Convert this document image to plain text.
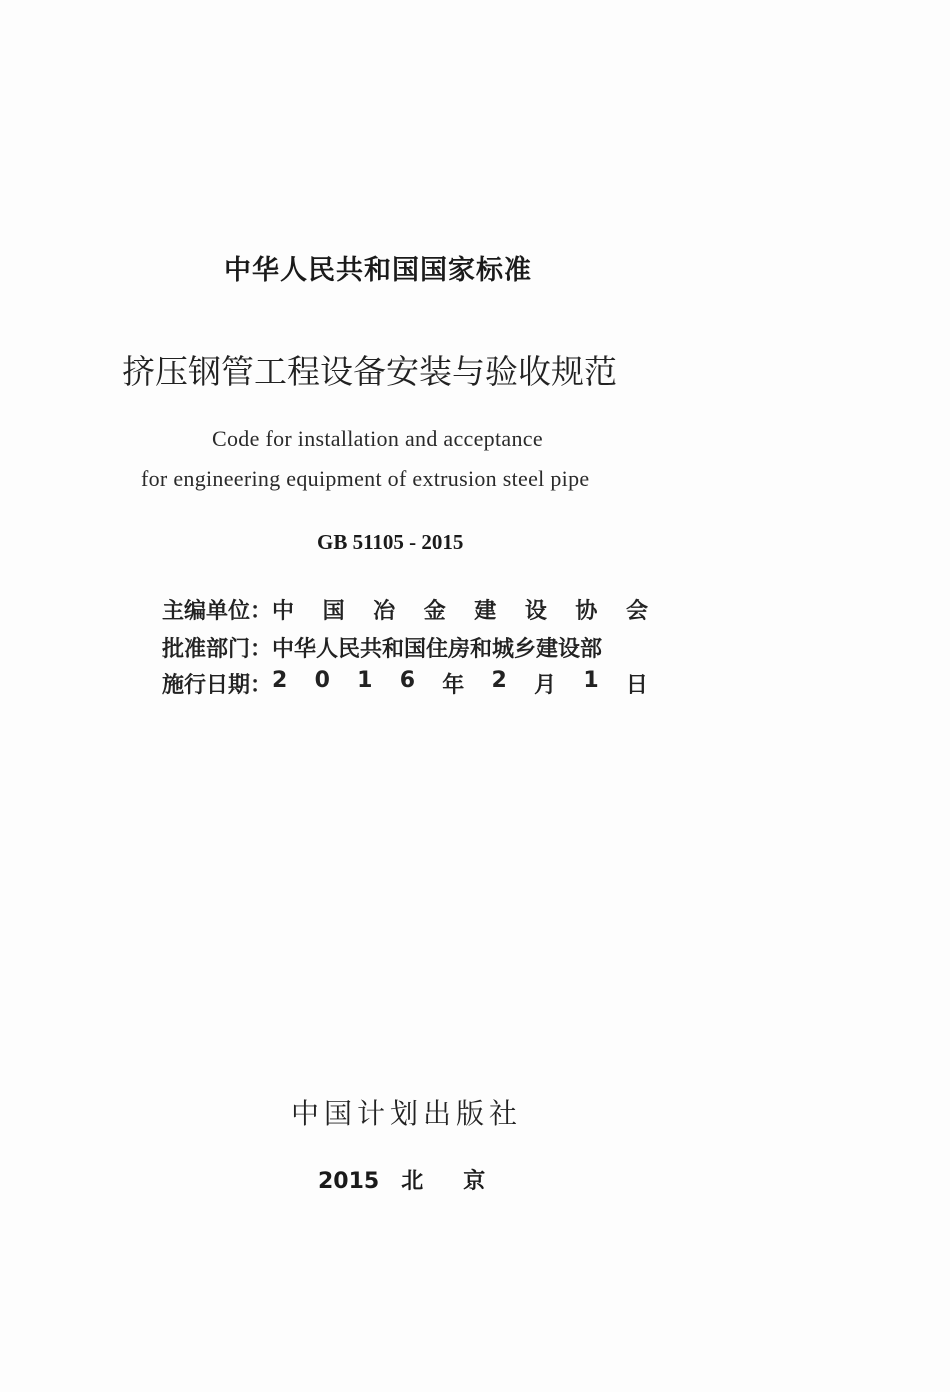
中华人民共和国国家标准
挤压钢管工程设备安装与验收规范
Code for installation and acceptance
for engineering equipment of extrusion steel pipe
GB 51105 - 2015
主编单位： 中 国 冶 金 建 设 协 会
批准部门：中华人民共和国住房和城乡建设部
施行日期： 2 0 1 6 年 2 月 1 日
中国计划出版社
2015 北京
